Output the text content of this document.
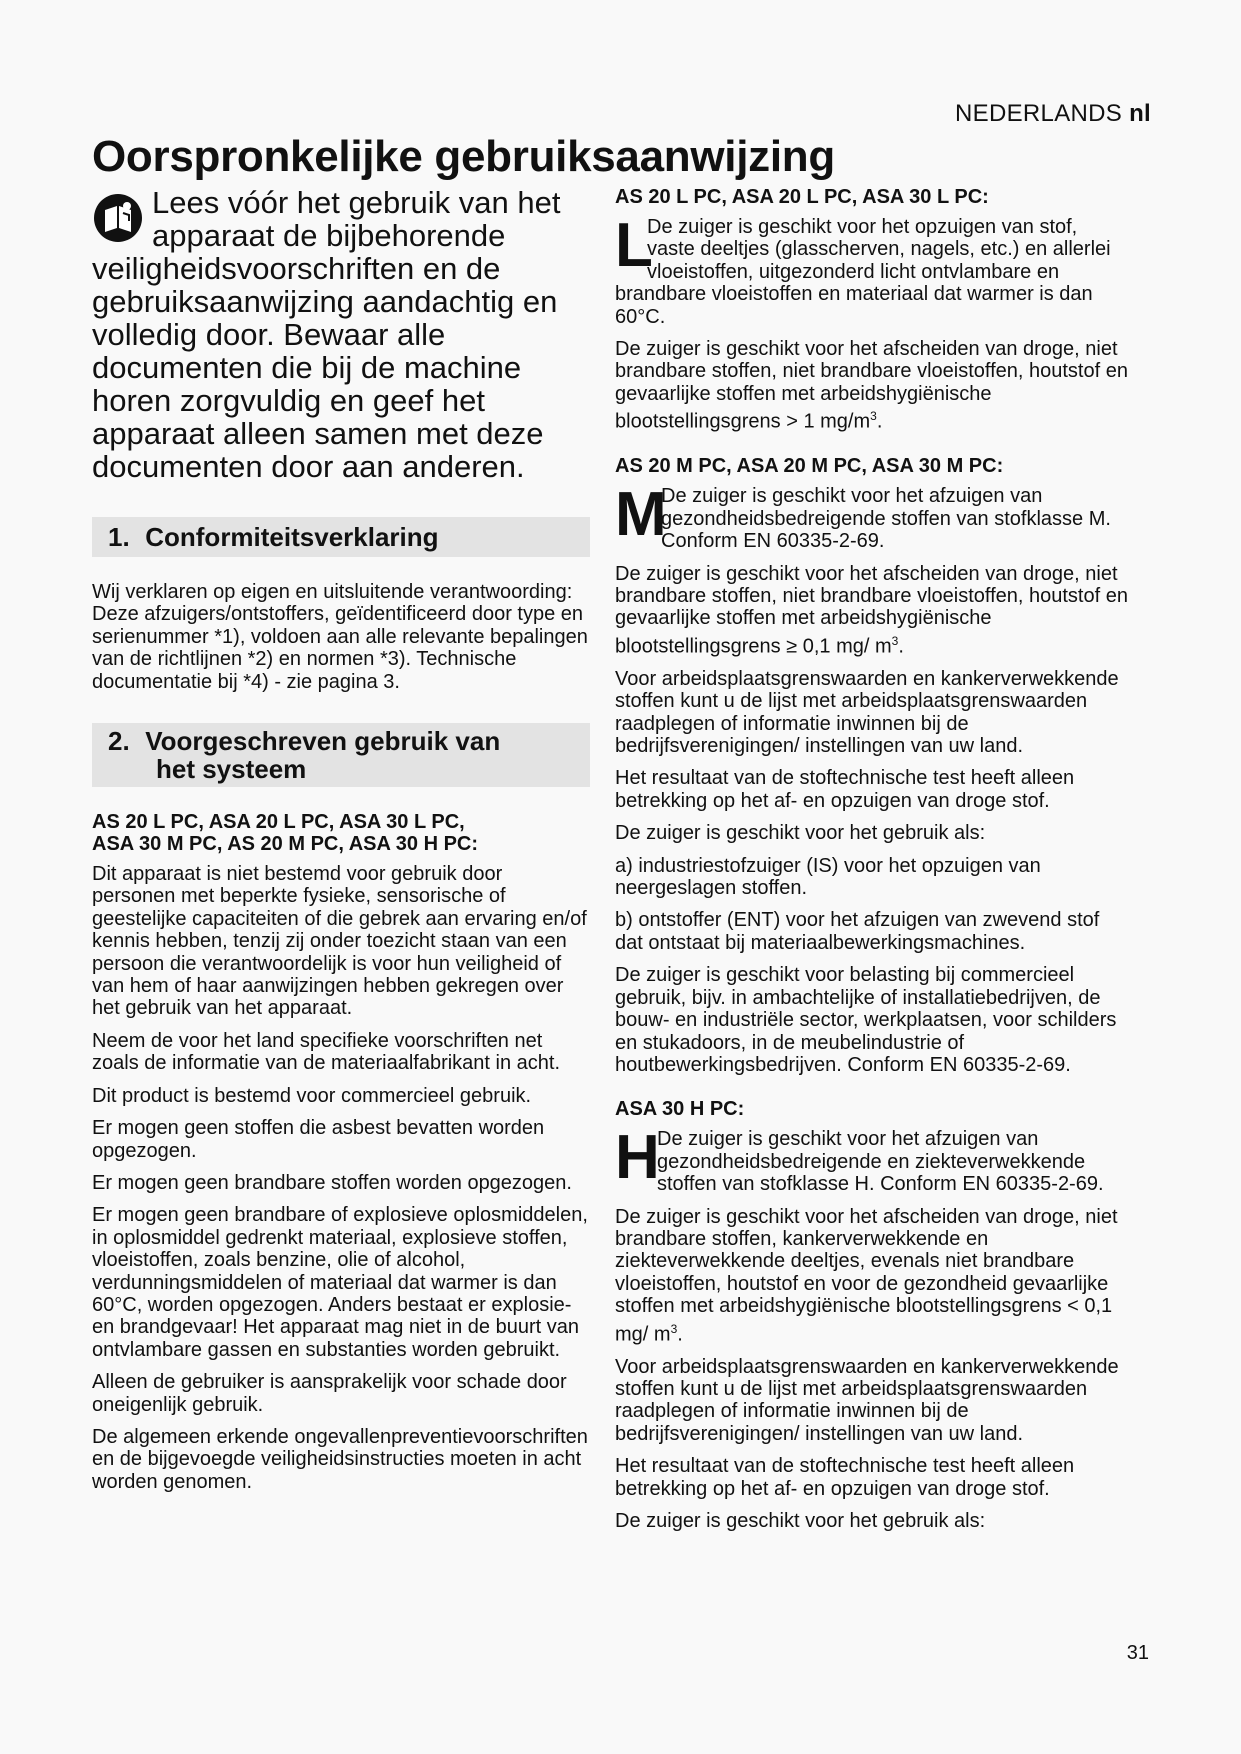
NEDERLANDS nl
Oorspronkelijke gebruiksaanwijzing
Lees vóór het gebruik van het apparaat de bijbehorende veiligheidsvoorschriften en de gebruiksaanwijzing aandachtig en volledig door. Bewaar alle documenten die bij de machine horen zorgvuldig en geef het apparaat alleen samen met deze documenten door aan anderen.
1. Conformiteitsverklaring

Wij verklaren op eigen en uitsluitende verantwoording: Deze afzuigers/ontstoffers, geïdentificeerd door type en serienummer *1), voldoen aan alle relevante bepalingen van de richtlijnen *2) en normen *3). Technische documentatie bij *4) - zie pagina 3.

2. Voorgeschreven gebruik van
het systeem
AS 20 L PC, ASA 20 L PC, ASA 30 L PC,
ASA 30 M PC, AS 20 M PC, ASA 30 H PC:

Dit apparaat is niet bestemd voor gebruik door personen met beperkte fysieke, sensorische of geestelijke capaciteiten of die gebrek aan ervaring en/of kennis hebben, tenzij zij onder toezicht staan van een persoon die verantwoordelijk is voor hun veiligheid of van hem of haar aanwijzingen hebben gekregen over het gebruik van het apparaat.

Neem de voor het land specifieke voorschriften net zoals de informatie van de materiaalfabrikant in acht.

Dit product is bestemd voor commercieel gebruik.

Er mogen geen stoffen die asbest bevatten worden opgezogen.

Er mogen geen brandbare stoffen worden opgezogen.

Er mogen geen brandbare of explosieve oplosmiddelen, in oplosmiddel gedrenkt materiaal, explosieve stoffen, vloeistoffen, zoals benzine, olie of alcohol, verdunningsmiddelen of materiaal dat warmer is dan 60°C, worden opgezogen. Anders bestaat er explosie- en brandgevaar! Het apparaat mag niet in de buurt van ontvlambare gassen en substanties worden gebruikt.

Alleen de gebruiker is aansprakelijk voor schade door oneigenlijk gebruik.

De algemeen erkende ongevallenpreventievoorschriften en de bijgevoegde veiligheidsinstructies moeten in acht worden genomen.

AS 20 L PC, ASA 20 L PC, ASA 30 L PC:
L

De zuiger is geschikt voor het opzuigen van stof, vaste deeltjes (glasscherven, nagels, etc.) en allerlei vloeistoffen, uitgezonderd licht ontvlambare en brandbare vloeistoffen en materiaal dat warmer is dan 60°C.

De zuiger is geschikt voor het afscheiden van droge, niet brandbare stoffen, niet brandbare vloeistoffen, houtstof en gevaarlijke stoffen met arbeidshygiënische blootstellingsgrens > 1 $mg/m^3$.

AS 20 M PC, ASA 20 M PC, ASA 30 M PC:
M

De zuiger is geschikt voor het afzuigen van gezondheidsbedreigende stoffen van stofklasse M. Conform EN 60335-2-69.

De zuiger is geschikt voor het afscheiden van droge, niet brandbare stoffen, niet brandbare vloeistoffen, houtstof en gevaarlijke stoffen met arbeidshygiënische blootstellingsgrens ≥ 0,1 mg/ $m^3$.

Voor arbeidsplaatsgrenswaarden en kankerverwekkende stoffen kunt u de lijst met arbeidsplaatsgrenswaarden raadplegen of informatie inwinnen bij de bedrijfsverenigingen/ instellingen van uw land.

Het resultaat van de stoftechnische test heeft alleen betrekking op het af- en opzuigen van droge stof.

De zuiger is geschikt voor het gebruik als:

a) industriestofzuiger (IS) voor het opzuigen van neergeslagen stoffen.

b) ontstoffer (ENT) voor het afzuigen van zwevend stof dat ontstaat bij materiaalbewerkingsmachines.

De zuiger is geschikt voor belasting bij commercieel gebruik, bijv. in ambachtelijke of installatiebedrijven, de bouw- en industriële sector, werkplaatsen, voor schilders en stukadoors, in de meubelindustrie of houtbewerkingsbedrijven. Conform EN 60335-2-69.

ASA 30 H PC:
H

De zuiger is geschikt voor het afzuigen van gezondheidsbedreigende en ziekteverwekkende stoffen van stofklasse H. Conform EN 60335-2-69.

De zuiger is geschikt voor het afscheiden van droge, niet brandbare stoffen, kankerverwekkende en ziekteverwekkende deeltjes, evenals niet brandbare vloeistoffen, houtstof en voor de gezondheid gevaarlijke stoffen met arbeidshygiënische blootstellingsgrens < 0,1 mg/ $m^3$.

Voor arbeidsplaatsgrenswaarden en kankerverwekkende stoffen kunt u de lijst met arbeidsplaatsgrenswaarden raadplegen of informatie inwinnen bij de bedrijfsverenigingen/ instellingen van uw land.

Het resultaat van de stoftechnische test heeft alleen betrekking op het af- en opzuigen van droge stof.

De zuiger is geschikt voor het gebruik als:

31
